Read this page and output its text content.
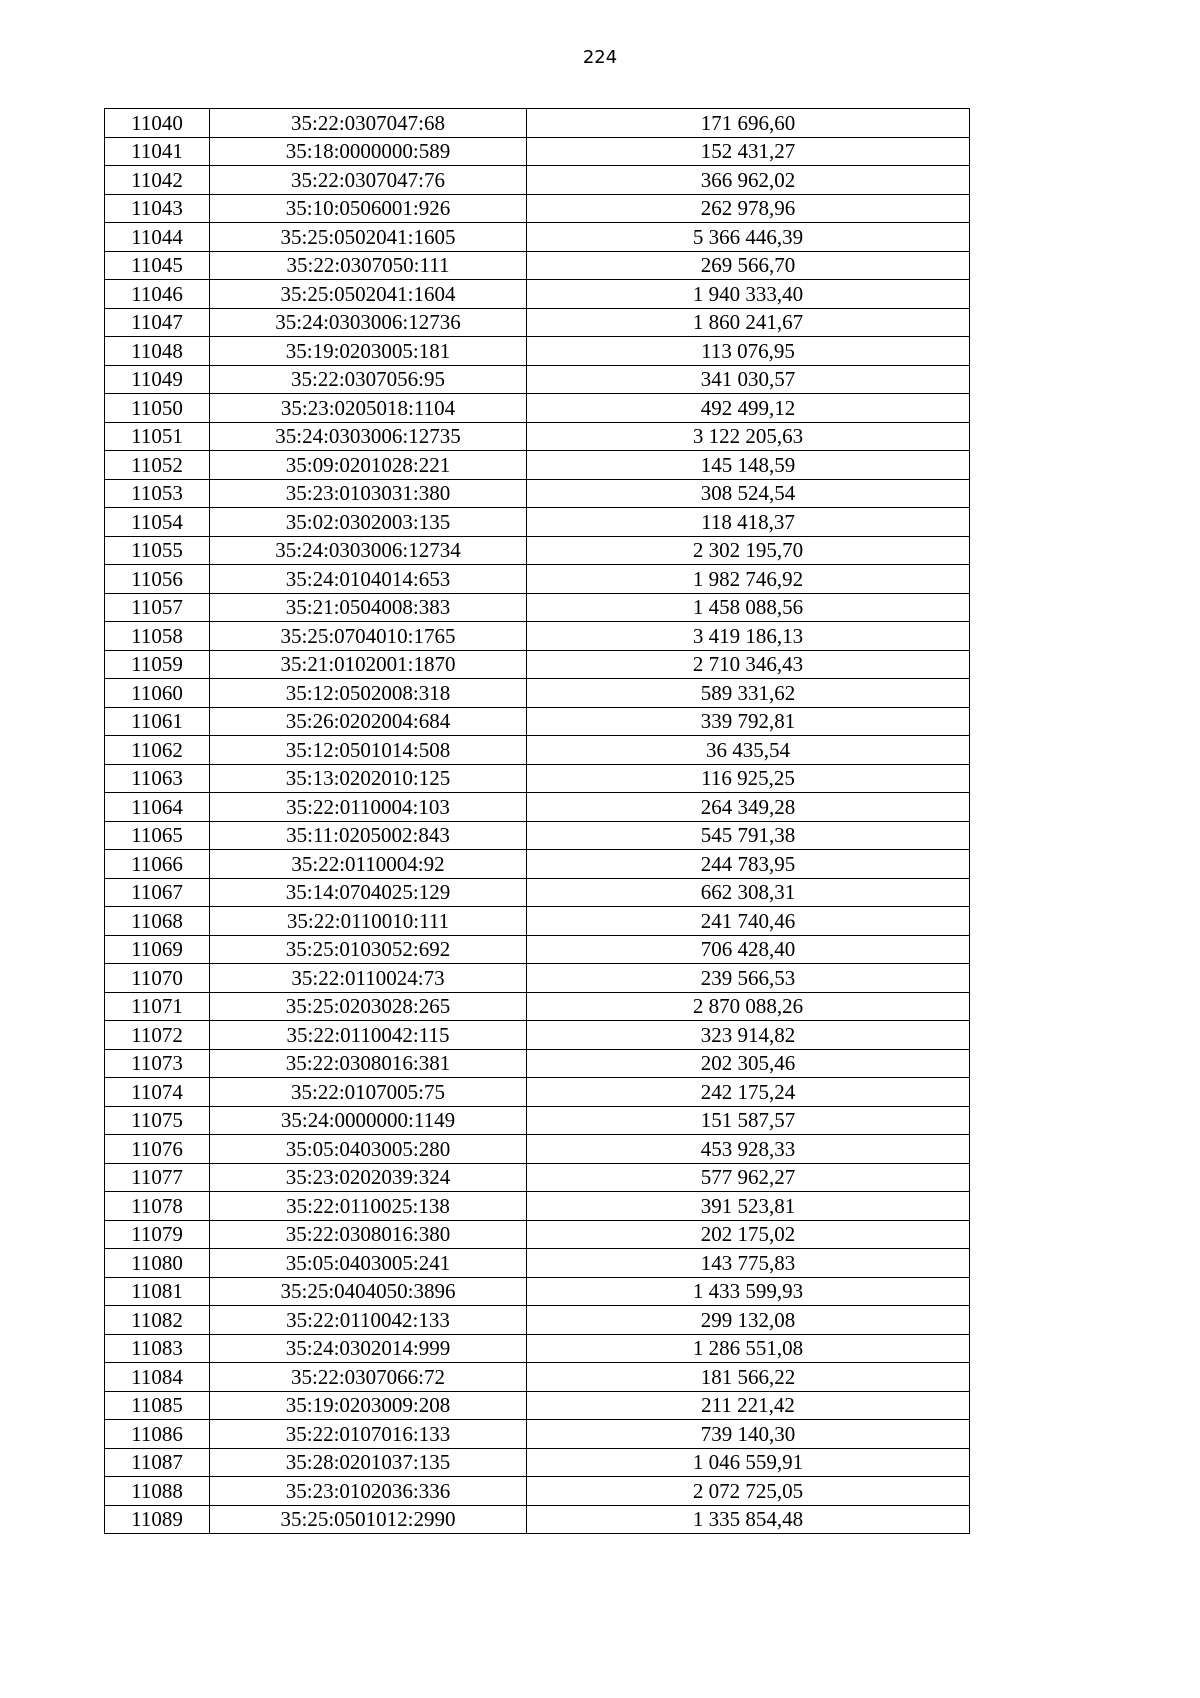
224
11040	35:22:0307047:68	171 696,60
11041	35:18:0000000:589	152 431,27
11042	35:22:0307047:76	366 962,02
11043	35:10:0506001:926	262 978,96
11044	35:25:0502041:1605	5 366 446,39
11045	35:22:0307050:111	269 566,70
11046	35:25:0502041:1604	1 940 333,40
11047	35:24:0303006:12736	1 860 241,67
11048	35:19:0203005:181	113 076,95
11049	35:22:0307056:95	341 030,57
11050	35:23:0205018:1104	492 499,12
11051	35:24:0303006:12735	3 122 205,63
11052	35:09:0201028:221	145 148,59
11053	35:23:0103031:380	308 524,54
11054	35:02:0302003:135	118 418,37
11055	35:24:0303006:12734	2 302 195,70
11056	35:24:0104014:653	1 982 746,92
11057	35:21:0504008:383	1 458 088,56
11058	35:25:0704010:1765	3 419 186,13
11059	35:21:0102001:1870	2 710 346,43
11060	35:12:0502008:318	589 331,62
11061	35:26:0202004:684	339 792,81
11062	35:12:0501014:508	36 435,54
11063	35:13:0202010:125	116 925,25
11064	35:22:0110004:103	264 349,28
11065	35:11:0205002:843	545 791,38
11066	35:22:0110004:92	244 783,95
11067	35:14:0704025:129	662 308,31
11068	35:22:0110010:111	241 740,46
11069	35:25:0103052:692	706 428,40
11070	35:22:0110024:73	239 566,53
11071	35:25:0203028:265	2 870 088,26
11072	35:22:0110042:115	323 914,82
11073	35:22:0308016:381	202 305,46
11074	35:22:0107005:75	242 175,24
11075	35:24:0000000:1149	151 587,57
11076	35:05:0403005:280	453 928,33
11077	35:23:0202039:324	577 962,27
11078	35:22:0110025:138	391 523,81
11079	35:22:0308016:380	202 175,02
11080	35:05:0403005:241	143 775,83
11081	35:25:0404050:3896	1 433 599,93
11082	35:22:0110042:133	299 132,08
11083	35:24:0302014:999	1 286 551,08
11084	35:22:0307066:72	181 566,22
11085	35:19:0203009:208	211 221,42
11086	35:22:0107016:133	739 140,30
11087	35:28:0201037:135	1 046 559,91
11088	35:23:0102036:336	2 072 725,05
11089	35:25:0501012:2990	1 335 854,48
